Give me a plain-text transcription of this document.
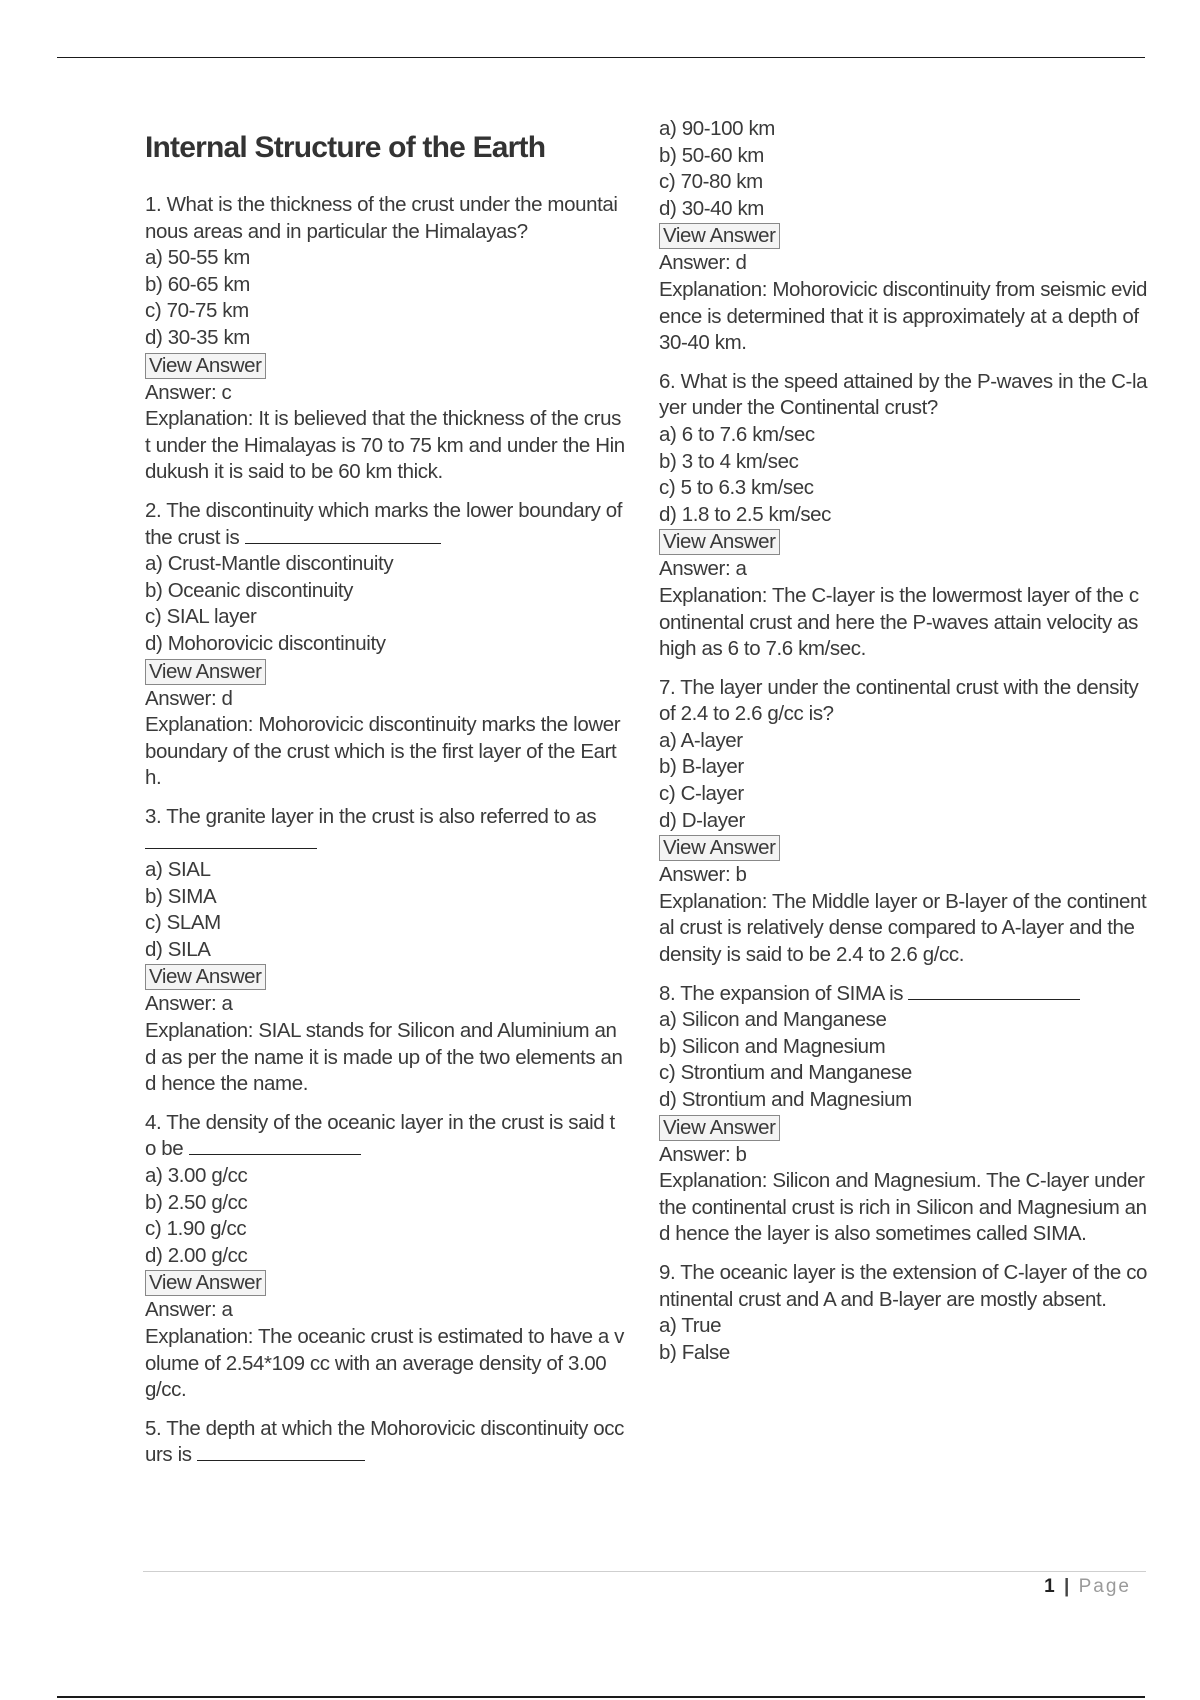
Internal Structure of the Earth
1. What is the thickness of the crust under the mountainous areas and in particular the Himalayas?
a) 50-55 km
b) 60-65 km
c) 70-75 km
d) 30-35 km
View Answer
Answer: c
Explanation: It is believed that the thickness of the crust under the Himalayas is 70 to 75 km and under the Hindukush it is said to be 60 km thick.
2. The discontinuity which marks the lower boundary of the crust is
a) Crust-Mantle discontinuity
b) Oceanic discontinuity
c) SIAL layer
d) Mohorovicic discontinuity
View Answer
Answer: d
Explanation: Mohorovicic discontinuity marks the lower boundary of the crust which is the first layer of the Earth.
3. The granite layer in the crust is also referred to as
a) SIAL
b) SIMA
c) SLAM
d) SILA
View Answer
Answer: a
Explanation: SIAL stands for Silicon and Aluminium and as per the name it is made up of the two elements and hence the name.
4. The density of the oceanic layer in the crust is said to be
a) 3.00 g/cc
b) 2.50 g/cc
c) 1.90 g/cc
d) 2.00 g/cc
View Answer
Answer: a
Explanation: The oceanic crust is estimated to have a volume of 2.54*109 cc with an average density of 3.00 g/cc.
5. The depth at which the Mohorovicic discontinuity occurs is
a) 90-100 km
b) 50-60 km
c) 70-80 km
d) 30-40 km
View Answer
Answer: d
Explanation: Mohorovicic discontinuity from seismic evidence is determined that it is approximately at a depth of 30-40 km.
6. What is the speed attained by the P-waves in the C-layer under the Continental crust?
a) 6 to 7.6 km/sec
b) 3 to 4 km/sec
c) 5 to 6.3 km/sec
d) 1.8 to 2.5 km/sec
View Answer
Answer: a
Explanation: The C-layer is the lowermost layer of the continental crust and here the P-waves attain velocity as high as 6 to 7.6 km/sec.
7. The layer under the continental crust with the density of 2.4 to 2.6 g/cc is?
a) A-layer
b) B-layer
c) C-layer
d) D-layer
View Answer
Answer: b
Explanation: The Middle layer or B-layer of the continental crust is relatively dense compared to A-layer and the density is said to be 2.4 to 2.6 g/cc.
8. The expansion of SIMA is
a) Silicon and Manganese
b) Silicon and Magnesium
c) Strontium and Manganese
d) Strontium and Magnesium
View Answer
Answer: b
Explanation: Silicon and Magnesium. The C-layer under the continental crust is rich in Silicon and Magnesium and hence the layer is also sometimes called SIMA.
9. The oceanic layer is the extension of C-layer of the continental crust and A and B-layer are mostly absent.
a) True
b) False
1 | Page
